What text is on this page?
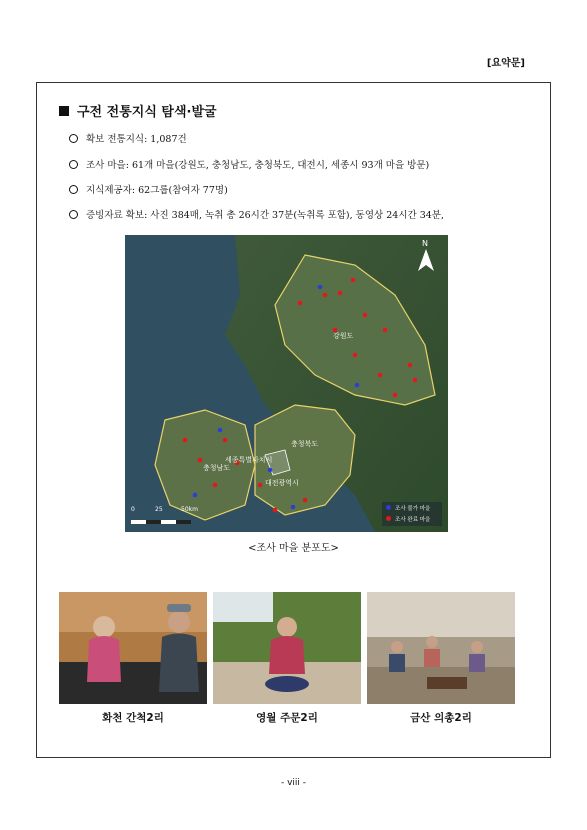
[요약문]
구전 전통지식 탐색·발굴
확보 전통지식: 1,087건
조사 마을: 61개 마을(강원도, 충청남도, 충청북도, 대전시, 세종시 93개 마을 방문)
지식제공자: 62그룹(참여자 77명)
증빙자료 확보: 사진 384매, 녹취 총 26시간 37분(녹취록 포함), 동영상 24시간 34분,
강원도
충청북도
세종특별자치시
충청남도
대전광역시
N
0	25	50km	조사 불가 마을
조사 완료 마을
<조사 마을 분포도>
화천 간척2리	영월 주문2리	금산 의총2리
- viii -
